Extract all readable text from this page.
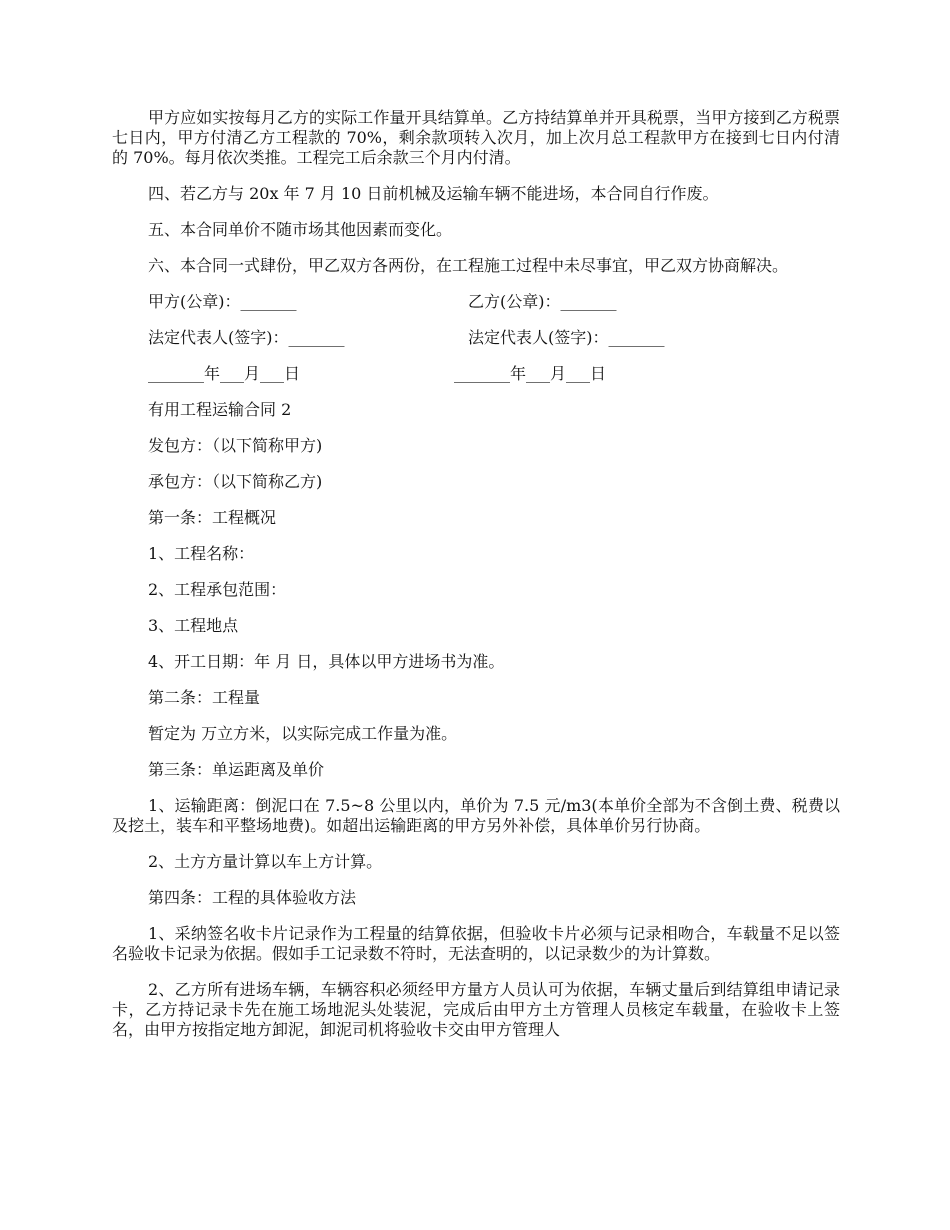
甲方应如实按每月乙方的实际工作量开具结算单。乙方持结算单并开具税票，当甲方接到乙方税票七日内，甲方付清乙方工程款的 70%，剩余款项转入次月，加上次月总工程款甲方在接到七日内付清的 70%。每月依次类推。工程完工后余款三个月内付清。

四、若乙方与 20x 年 7 月 10 日前机械及运输车辆不能进场，本合同自行作废。

五、本合同单价不随市场其他因素而变化。

六、本合同一式肆份，甲乙双方各两份，在工程施工过程中未尽事宜，甲乙双方协商解决。

甲方(公章)：_______	乙方(公章)：_______
法定代表人(签字)：_______	法定代表人(签字)：_______
_______年___月___日	_______年___月___日

有用工程运输合同 2

发包方：（以下简称甲方)

承包方：（以下简称乙方)

第一条：工程概况

1、工程名称：

2、工程承包范围：

3、工程地点

4、开工日期：年 月 日，具体以甲方进场书为准。

第二条：工程量

暂定为 万立方米，以实际完成工作量为准。

第三条：单运距离及单价

1、运输距离：倒泥口在 7.5~8 公里以内，单价为 7.5 元/m3(本单价全部为不含倒土费、税费以及挖土，装车和平整场地费)。如超出运输距离的甲方另外补偿，具体单价另行协商。

2、土方方量计算以车上方计算。

第四条：工程的具体验收方法

1、采纳签名收卡片记录作为工程量的结算依据，但验收卡片必须与记录相吻合，车载量不足以签名验收卡记录为依据。假如手工记录数不符时，无法查明的，以记录数少的为计算数。

2、乙方所有进场车辆，车辆容积必须经甲方量方人员认可为依据，车辆丈量后到结算组申请记录卡，乙方持记录卡先在施工场地泥头处装泥，完成后由甲方土方管理人员核定车载量，在验收卡上签名，由甲方按指定地方卸泥，卸泥司机将验收卡交由甲方管理人
